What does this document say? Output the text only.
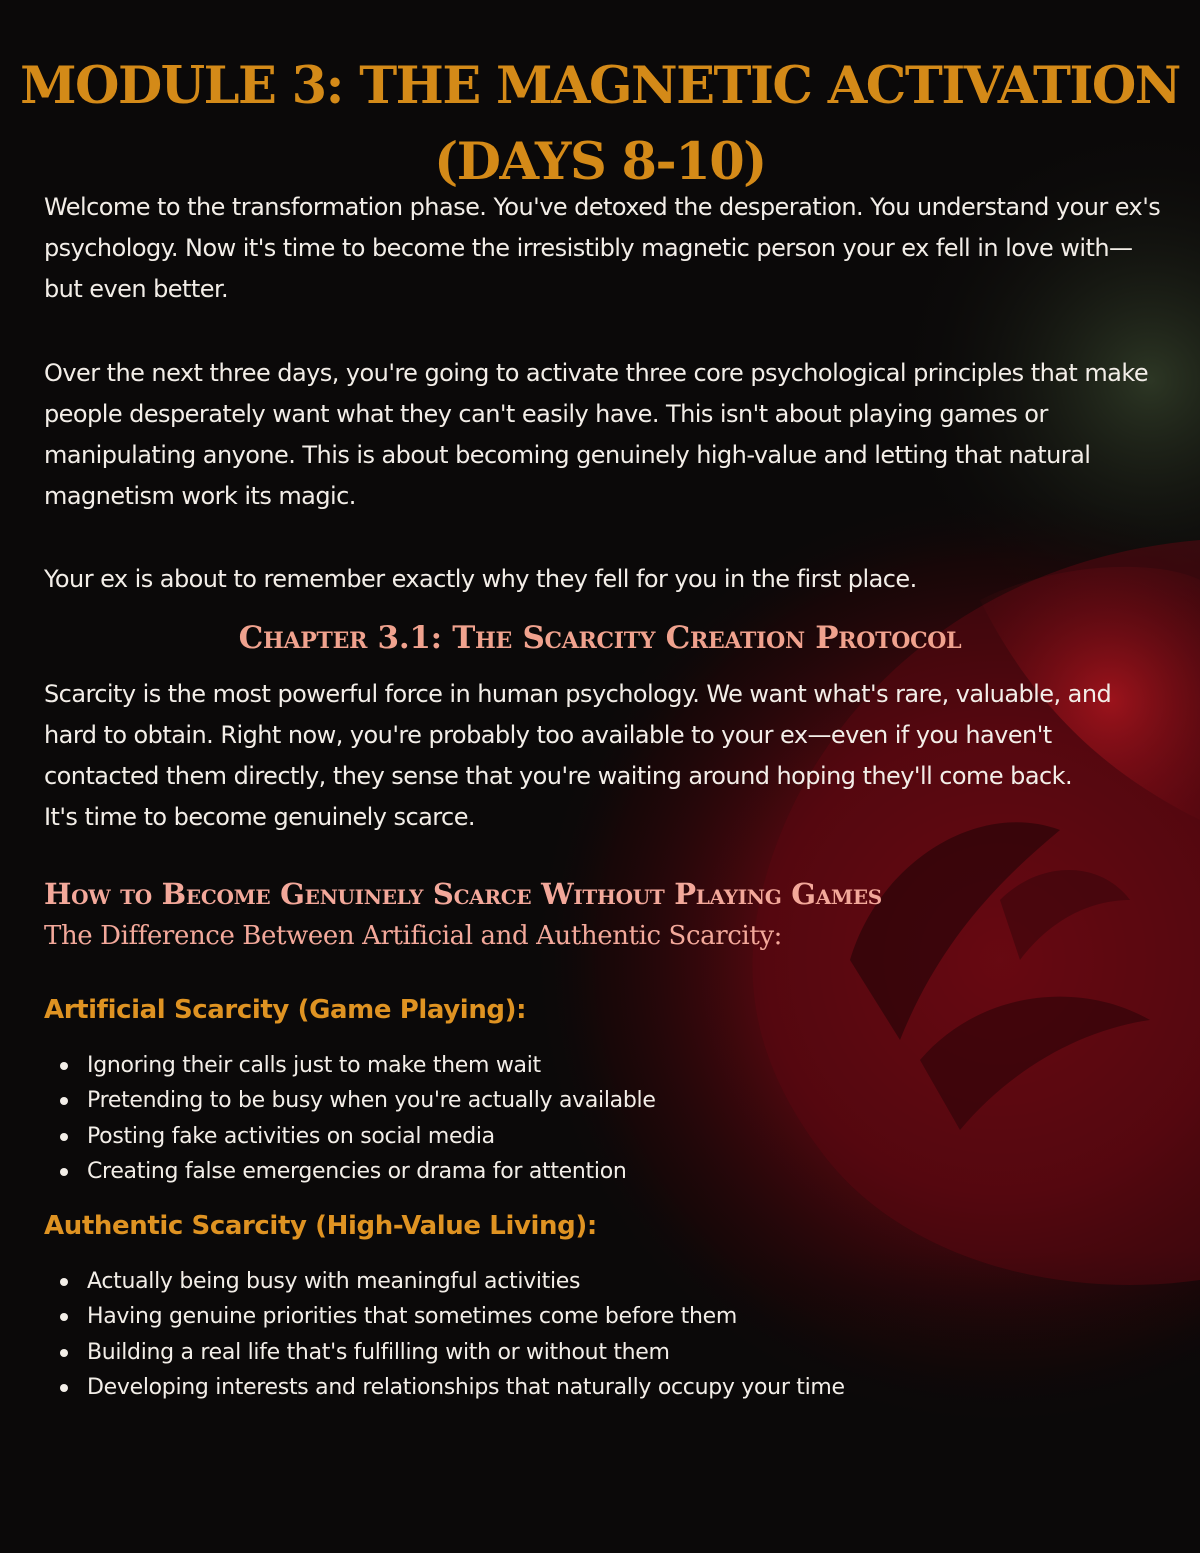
MODULE 3: THE MAGNETIC ACTIVATION
(DAYS 8-10)

Welcome to the transformation phase. You've detoxed the desperation. You understand your ex's psychology. Now it's time to become the irresistibly magnetic person your ex fell in love with—but even better.

Over the next three days, you're going to activate three core psychological principles that make people desperately want what they can't easily have. This isn't about playing games or manipulating anyone. This is about becoming genuinely high-value and letting that natural magnetism work its magic.

Your ex is about to remember exactly why they fell for you in the first place.

Chapter 3.1: The Scarcity Creation Protocol

Scarcity is the most powerful force in human psychology. We want what's rare, valuable, and
hard to obtain. Right now, you're probably too available to your ex—even if you haven't
contacted them directly, they sense that you're waiting around hoping they'll come back.
It's time to become genuinely scarce.

How to Become Genuinely Scarce Without Playing Games

The Difference Between Artificial and Authentic Scarcity:

Artificial Scarcity (Game Playing):
Ignoring their calls just to make them wait
Pretending to be busy when you're actually available
Posting fake activities on social media
Creating false emergencies or drama for attention
Authentic Scarcity (High-Value Living):
Actually being busy with meaningful activities
Having genuine priorities that sometimes come before them
Building a real life that's fulfilling with or without them
Developing interests and relationships that naturally occupy your time
